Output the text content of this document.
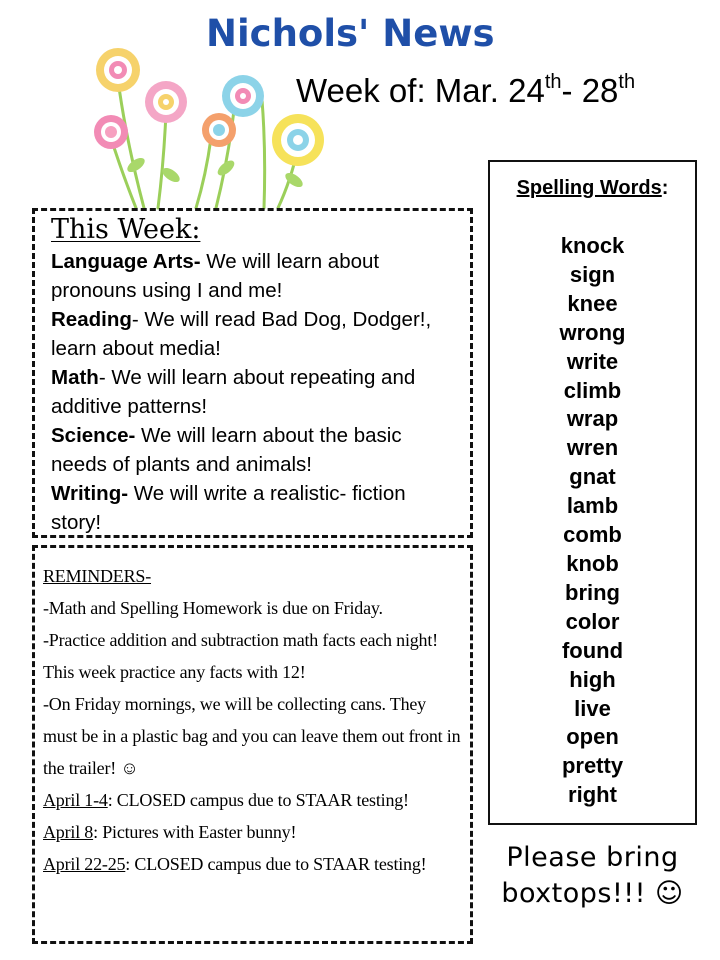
Nichols' News
Week of: Mar. 24th- 28th
This Week:
Language Arts- We will learn about pronouns using I and me!
Reading- We will read Bad Dog, Dodger!, learn about media!
Math- We will learn about repeating and additive patterns!
Science- We will learn about the basic needs of plants and animals!
Writing- We will write a realistic- fiction story!
REMINDERS-
-Math and Spelling Homework is due on Friday.
-Practice addition and subtraction math facts each night! This week practice any facts with 12!
-On Friday mornings, we will be collecting cans. They must be in a plastic bag and you can leave them out front in the trailer! ☺
April 1-4: CLOSED campus due to STAAR testing!
April 8: Pictures with Easter bunny!
April 22-25: CLOSED campus due to STAAR testing!
Spelling Words:
knock
sign
knee
wrong
write
climb
wrap
wren
gnat
lamb
comb
knob
bring
color
found
high
live
open
pretty
right
Please bring boxtops!!! ☺
